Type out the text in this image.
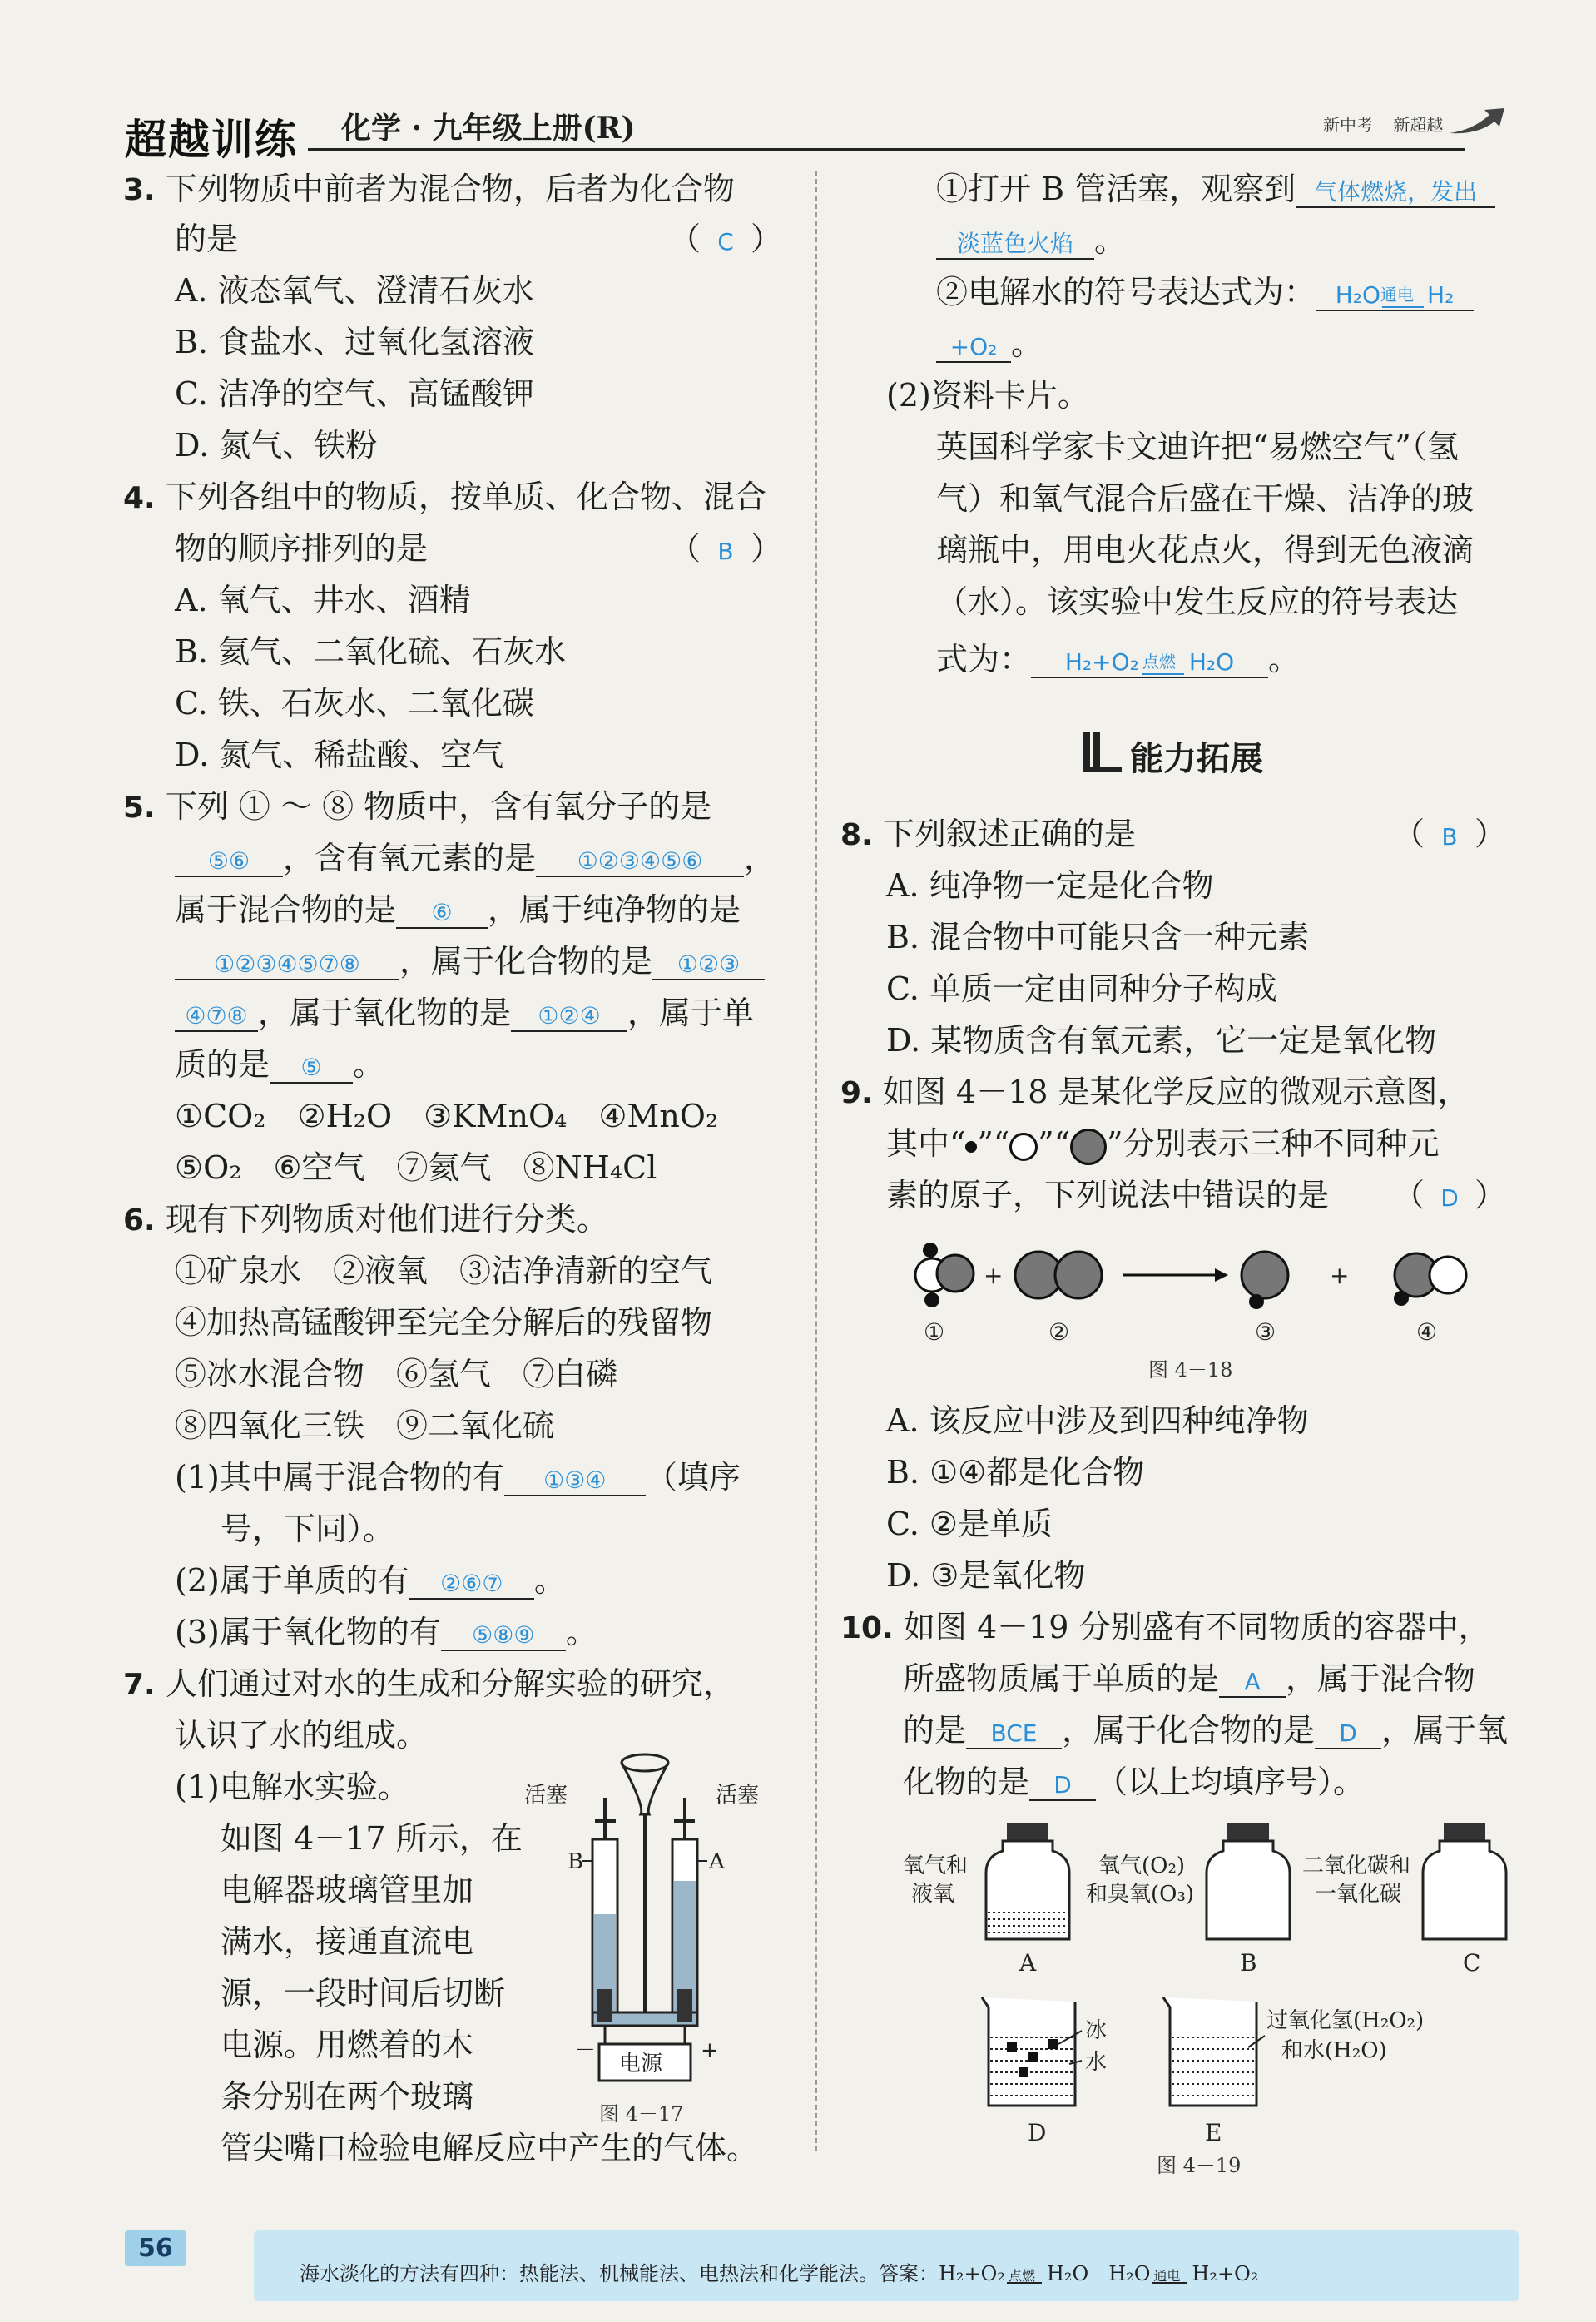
超越训练 化学 · 九年级上册(R)	新中考 新超越
3. 下列物质中前者为混合物，后者为化合物
的是	（ C ）
A. 液态氧气、澄清石灰水
B. 食盐水、过氧化氢溶液
C. 洁净的空气、高锰酸钾
D. 氮气、铁粉
4. 下列各组中的物质，按单质、化合物、混合
物的顺序排列的是	（ B ）
A. 氧气、井水、酒精
B. 氦气、二氧化硫、石灰水
C. 铁、石灰水、二氧化碳
D. 氮气、稀盐酸、空气
5. 下列 ① ～ ⑧ 物质中，含有氧分子的是
⑤⑥ ，含有氧元素的是 ①②③④⑤⑥ ，
属于混合物的是 ⑥ ，属于纯净物的是
①②③④⑤⑦⑧ ，属于化合物的是 ①②③
④⑦⑧ ，属于氧化物的是 ①②④ ，属于单
质的是 ⑤ 。
①CO₂　②H₂O　③KMnO₄　④MnO₂
⑤O₂　⑥空气　⑦氦气　⑧NH₄Cl
6. 现有下列物质对他们进行分类。
①矿泉水　②液氧　③洁净清新的空气
④加热高锰酸钾至完全分解后的残留物
⑤冰水混合物　⑥氢气　⑦白磷
⑧四氧化三铁　⑨二氧化硫
(1)其中属于混合物的有 ①③④ （填序
号，下同）。
(2)属于单质的有 ②⑥⑦ 。
(3)属于氧化物的有 ⑤⑧⑨ 。
7. 人们通过对水的生成和分解实验的研究，
认识了水的组成。
(1)电解水实验。
如图 4－17 所示，在
电解器玻璃管里加
满水，接通直流电
源，一段时间后切断
电源。用燃着的木
条分别在两个玻璃
管尖嘴口检验电解反应中产生的气体。
活塞	活塞
B	A
－	+
电源
图 4－17
①打开 B 管活塞，观察到 气体燃烧，发出
淡蓝色火焰 。
②电解水的符号表达式为： H₂O 通电 H₂
+O₂ 。
(2)资料卡片。
英国科学家卡文迪许把“易燃空气”（氢
气）和氧气混合后盛在干燥、洁净的玻
璃瓶中，用电火花点火，得到无色液滴
（水）。该实验中发生反应的符号表达
式为： H₂+O₂ 点燃 H₂O 。
能力拓展
8. 下列叙述正确的是	（ B ）
A. 纯净物一定是化合物
B. 混合物中可能只含一种元素
C. 单质一定由同种分子构成
D. 某物质含有氧元素，它一定是氧化物
9. 如图 4－18 是某化学反应的微观示意图，
其中“ ”“ ”“ ”分别表示三种不同种元
素的原子，下列说法中错误的是 （ D ）
+	+
①	②	③	④
图 4－18
A. 该反应中涉及到四种纯净物
B. ①④都是化合物
C. ②是单质
D. ③是氧化物
10. 如图 4－19 分别盛有不同物质的容器中，
所盛物质属于单质的是 A ，属于混合物
的是 BCE ，属于化合物的是 D ，属于氧
化物的是 D （以上均填序号）。
氧气和
液氧
A
氧气(O₂)
和臭氧(O₃)
B
二氧化碳和
一氧化碳
C
冰
水
D
过氧化氢(H₂O₂)
和水(H₂O)
E
图 4－19
56
海水淡化的方法有四种：热能法、机械能法、电热法和化学能法。答案：H₂+O₂ 点燃 H₂O　H₂O 通电 H₂+O₂
